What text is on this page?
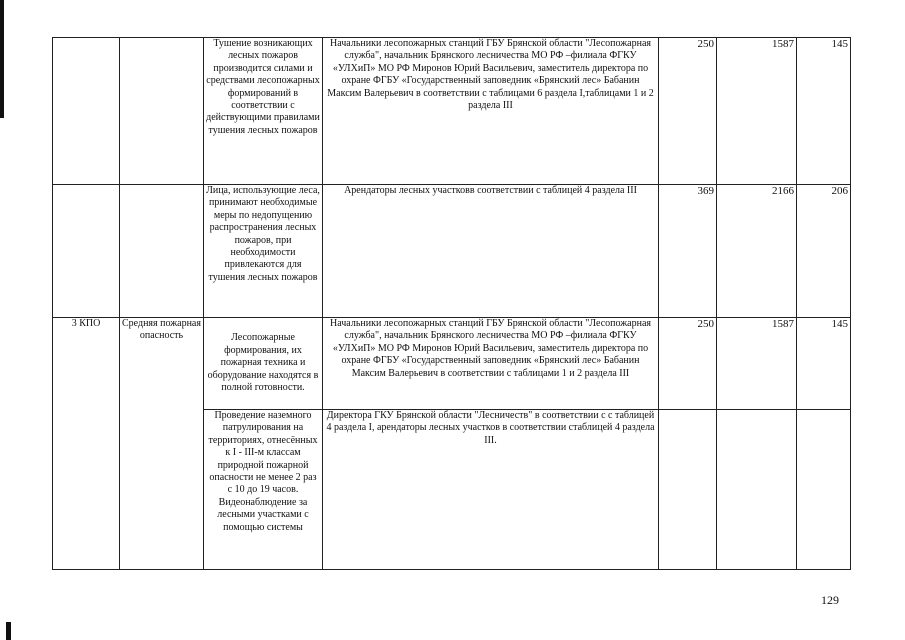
		Тушение возникающих лесных пожаров производится силами и средствами лесопожарных формирований в соответствии с действующими правилами тушения лесных пожаров	Начальники лесопожарных станций ГБУ Брянской области "Лесопожарная служба", начальник Брянского лесничества МО РФ –филиала ФГКУ «УЛХиП» МО РФ Миронов Юрий Васильевич, заместитель директора по охране ФГБУ «Государственный заповедник «Брянский лес» Бабанин Максим Валерьевич в соответствии с таблицами 6 раздела I,таблицами 1 и 2 раздела III	250	1587	145
		Лица, использующие леса, принимают необходимые меры по недопущению распространения лесных пожаров, при необходимости привлекаются для тушения лесных пожаров	Арендаторы лесных участковв соответствии с таблицей 4 раздела III	369	2166	206
3 КПО	Средняя пожарная опасность	Лесопожарные формирования, их пожарная техника и оборудование находятся в полной готовности.	Начальники лесопожарных станций ГБУ Брянской области "Лесопожарная служба", начальник Брянского лесничества МО РФ –филиала ФГКУ «УЛХиП» МО РФ Миронов Юрий Васильевич, заместитель директора по охране ФГБУ «Государственный заповедник «Брянский лес» Бабанин Максим Валерьевич в соответствии с таблицами 1 и 2 раздела III	250	1587	145
		Проведение наземного патрулирования на территориях, отнесённых к I - III-м классам природной пожарной опасности не менее 2 раз с 10 до 19 часов. Видеонаблюдение за лесными участками с помощью системы	Директора ГКУ Брянской области "Лесничеств" в соответствии с с таблицей 4 раздела I, арендаторы лесных участков в соответствии стаблицей 4 раздела III.			
129
